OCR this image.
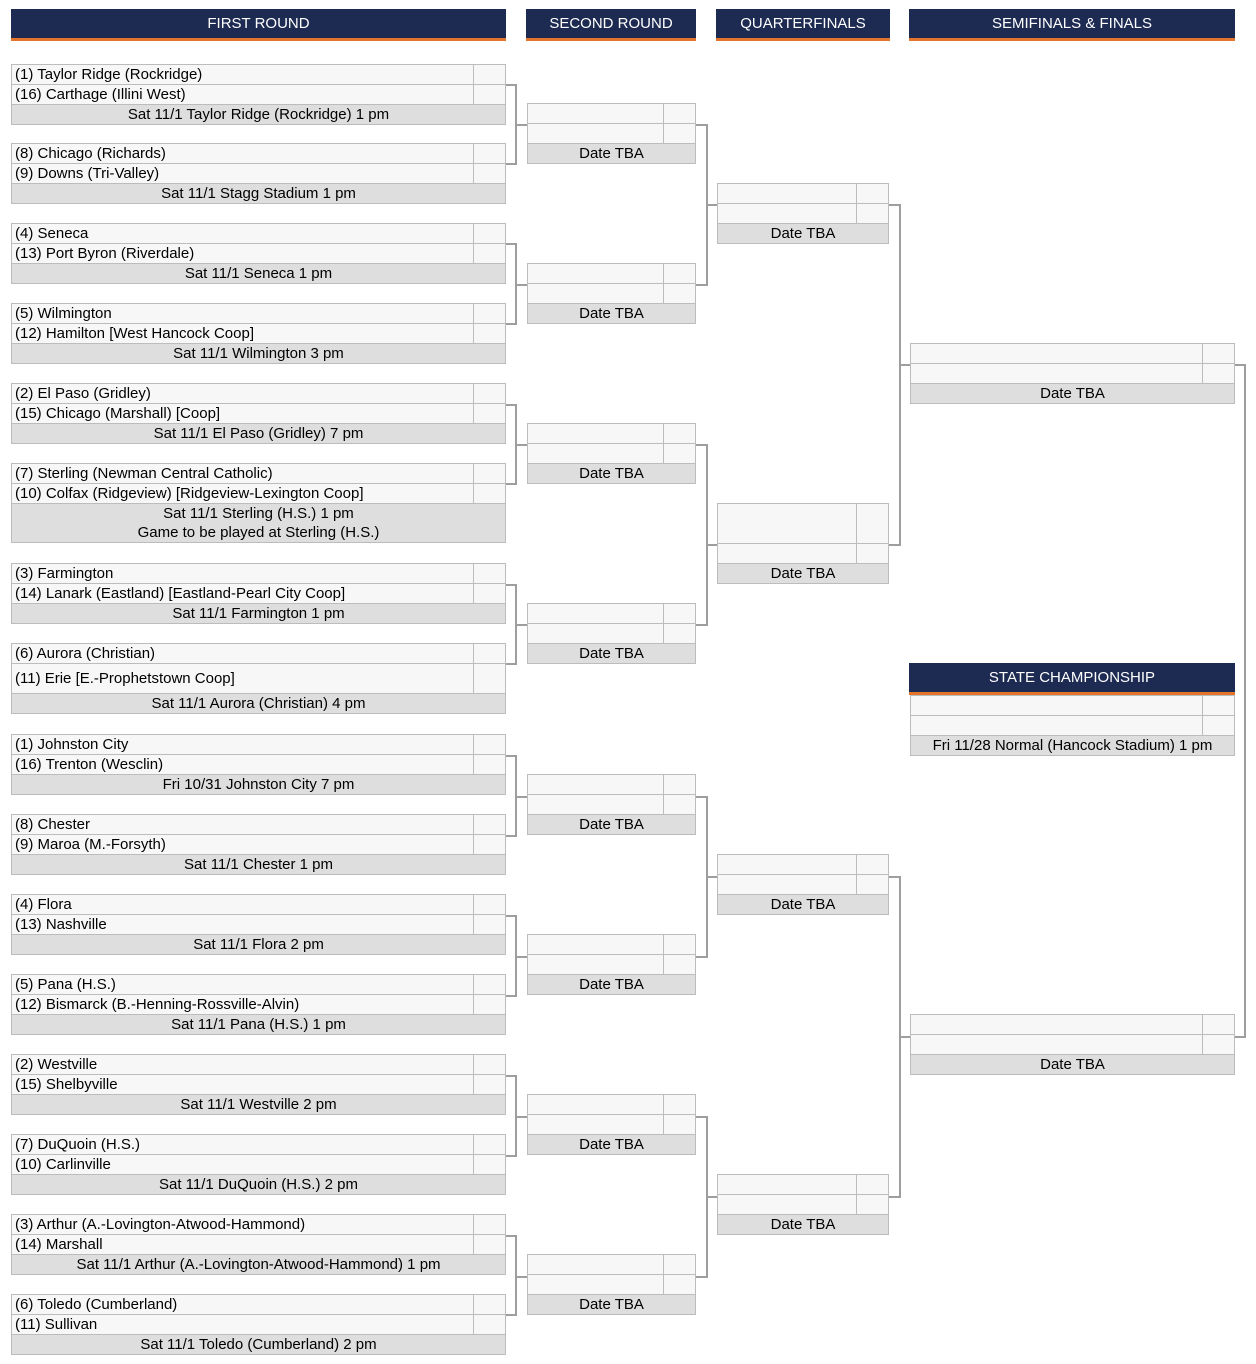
FIRST ROUND	SECOND ROUND	QUARTERFINALS	SEMIFINALS & FINALS
STATE CHAMPIONSHIP
(1) Taylor Ridge (Rockridge)
(16) Carthage (Illini West)
Sat 11/1 Taylor Ridge (Rockridge) 1 pm
(8) Chicago (Richards)
(9) Downs (Tri-Valley)
Sat 11/1 Stagg Stadium 1 pm
(4) Seneca
(13) Port Byron (Riverdale)
Sat 11/1 Seneca 1 pm
(5) Wilmington
(12) Hamilton [West Hancock Coop]
Sat 11/1 Wilmington 3 pm
(2) El Paso (Gridley)
(15) Chicago (Marshall) [Coop]
Sat 11/1 El Paso (Gridley) 7 pm
(7) Sterling (Newman Central Catholic)
(10) Colfax (Ridgeview) [Ridgeview-Lexington Coop]
Sat 11/1 Sterling (H.S.) 1 pm
Game to be played at Sterling (H.S.)
(3) Farmington
(14) Lanark (Eastland) [Eastland-Pearl City Coop]
Sat 11/1 Farmington 1 pm
(6) Aurora (Christian)
(11) Erie [E.-Prophetstown Coop]
Sat 11/1 Aurora (Christian) 4 pm
(1) Johnston City
(16) Trenton (Wesclin)
Fri 10/31 Johnston City 7 pm
(8) Chester
(9) Maroa (M.-Forsyth)
Sat 11/1 Chester 1 pm
(4) Flora
(13) Nashville
Sat 11/1 Flora 2 pm
(5) Pana (H.S.)
(12) Bismarck (B.-Henning-Rossville-Alvin)
Sat 11/1 Pana (H.S.) 1 pm
(2) Westville
(15) Shelbyville
Sat 11/1 Westville 2 pm
(7) DuQuoin (H.S.)
(10) Carlinville
Sat 11/1 DuQuoin (H.S.) 2 pm
(3) Arthur (A.-Lovington-Atwood-Hammond)
(14) Marshall
Sat 11/1 Arthur (A.-Lovington-Atwood-Hammond) 1 pm
(6) Toledo (Cumberland)
(11) Sullivan
Sat 11/1 Toledo (Cumberland) 2 pm
Date TBA
Date TBA
Date TBA
Date TBA
Date TBA
Date TBA
Date TBA
Date TBA
Date TBA
Date TBA
Date TBA
Date TBA
Date TBA
Date TBA
Fri 11/28 Normal (Hancock Stadium) 1 pm
